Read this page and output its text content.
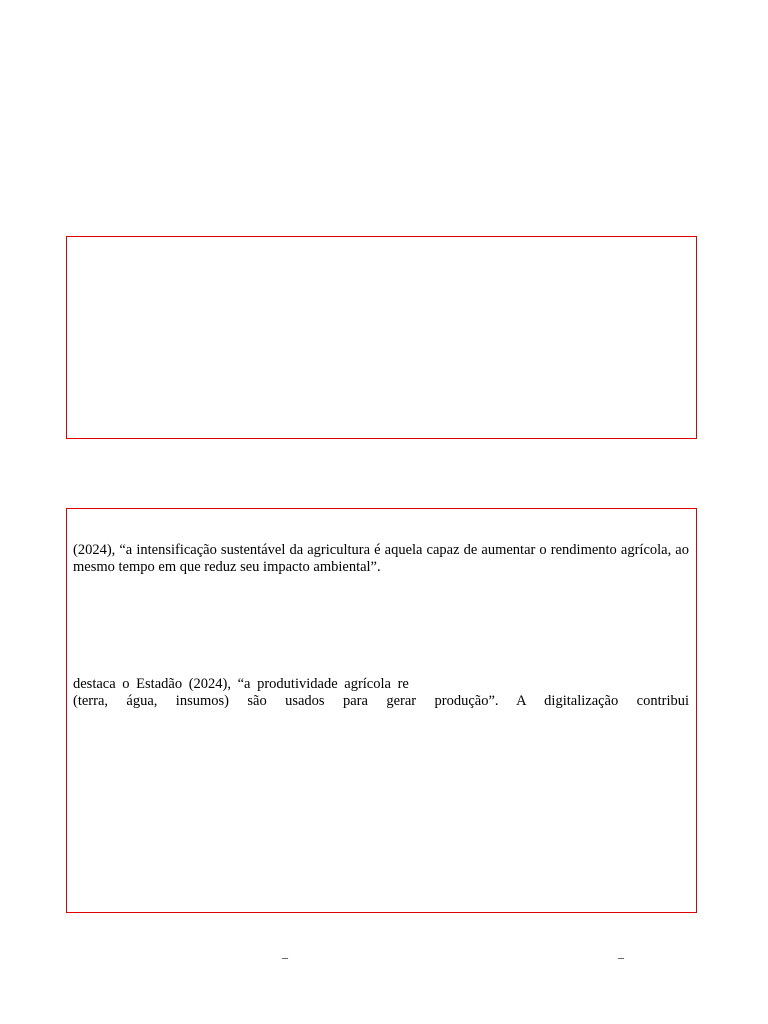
(2024), “a intensificação sustentável da agricultura é aquela capaz de aumentar o rendimento agrícola, ao mesmo tempo em que reduz seu impacto ambiental”.

destaca o Estadão (2024), “a produtividade agrícola re

(terra, água, insumos) são usados para gerar produção”. A digitalização contribui

–	–
